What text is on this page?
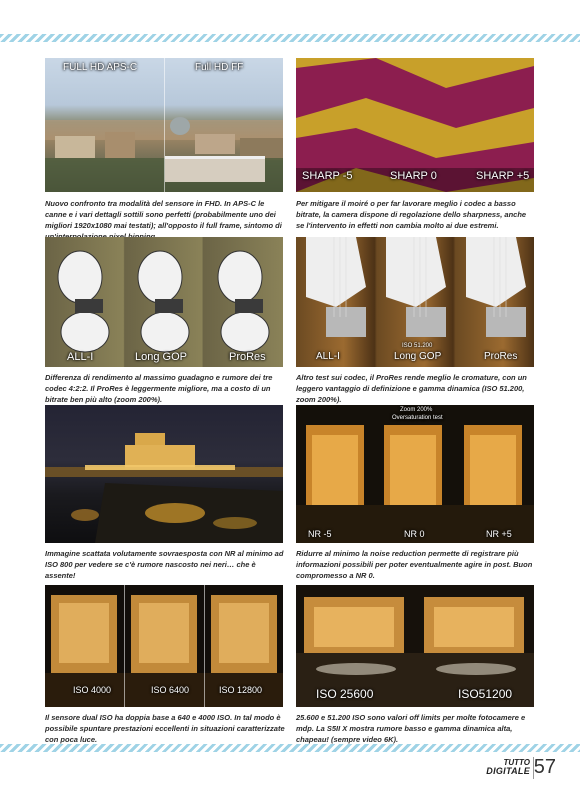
FULL HD APS-C	Full HD FF
Nuovo confronto tra modalità del sensore in FHD. In APS-C le canne e i vari dettagli sottili sono perfetti (probabilmente uno dei migliori 1920x1080 mai testati); all'opposto il full frame, sintomo di
SHARP -5	SHARP 0	SHARP +5
Per mitigare il moiré o per far lavorare meglio i codec a basso bitrate, la camera dispone di regolazione dello sharpness, anche se l'intervento in effetti non cambia molto ai due estremi.
ALL-I	Long GOP	ProRes
Differenza di rendimento al massimo guadagno e rumore dei tre codec 4:2:2. Il ProRes è leggermente migliore, ma a costo di un bitrate ben più alto (zoom 200%).
ISO 51.200
ALL-I	Long GOP	ProRes
Altro test sui codec, il ProRes rende meglio le cromature, con un leggero vantaggio di definizione e gamma dinamica (ISO 51.200, zoom 200%).
Immagine scattata volutamente sovraesposta con NR al minimo ad ISO 800 per vedere se c'è rumore nascosto nei neri… che è assente!
Zoom 200%
Oversaturation test
NR -5	NR 0	NR +5
Ridurre al minimo la noise reduction permette di registrare più informazioni possibili per poter eventualmente agire in post. Buon compromesso a NR 0.
ISO 4000	ISO 6400	ISO 12800
Il sensore dual ISO ha doppia base a 640 e 4000 ISO. In tal modo è possibile spuntare prestazioni eccellenti in situazioni caratterizzate con poca luce.
ISO 25600	ISO51200
25.600 e 51.200 ISO sono valori off limits per molte fotocamere e mdp. La S5II X mostra rumore basso e gamma dinamica alta, chapeau! (sempre video 6K).
TUTTO
DIGITALE 57
